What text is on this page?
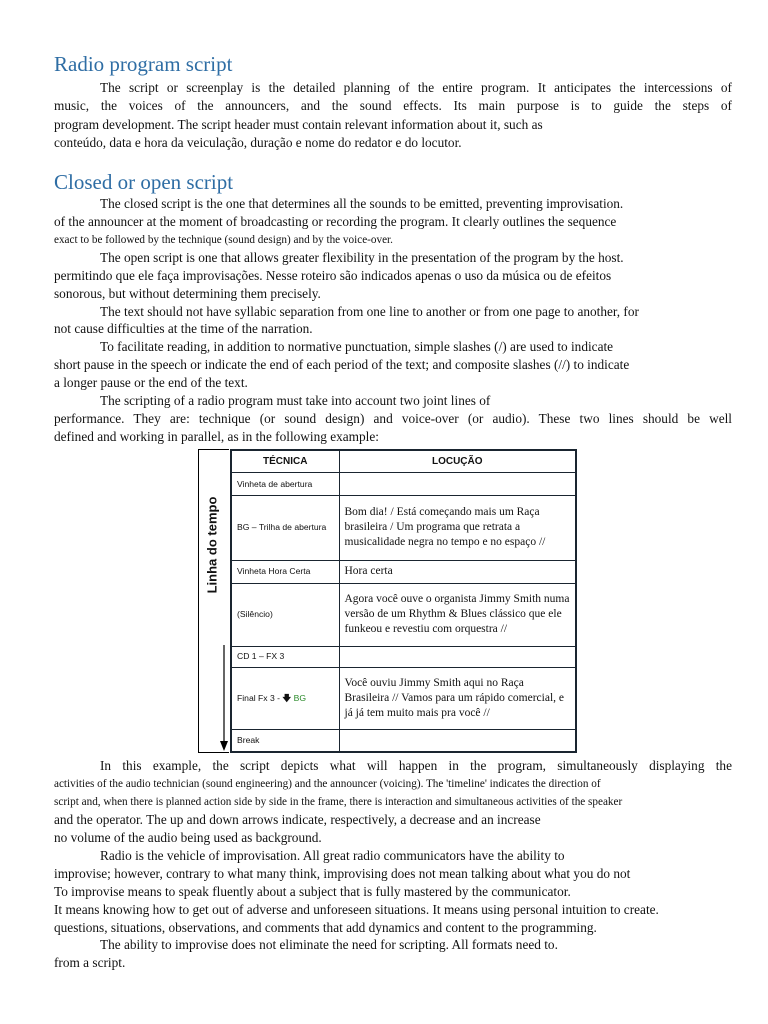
Radio program script
The script or screenplay is the detailed planning of the entire program. It anticipates the intercessions of
music, the voices of the announcers, and the sound effects. Its main purpose is to guide the steps of
program development. The script header must contain relevant information about it, such as
conteúdo, data e hora da veiculação, duração e nome do redator e do locutor.
Closed or open script
The closed script is the one that determines all the sounds to be emitted, preventing improvisation.
of the announcer at the moment of broadcasting or recording the program. It clearly outlines the sequence
exact to be followed by the technique (sound design) and by the voice-over.
The open script is one that allows greater flexibility in the presentation of the program by the host.
permitindo que ele faça improvisações. Nesse roteiro são indicados apenas o uso da música ou de efeitos
sonorous, but without determining them precisely.
The text should not have syllabic separation from one line to another or from one page to another, for
not cause difficulties at the time of the narration.
To facilitate reading, in addition to normative punctuation, simple slashes (/) are used to indicate
short pause in the speech or indicate the end of each period of the text; and composite slashes (//) to indicate
a longer pause or the end of the text.
The scripting of a radio program must take into account two joint lines of
performance. They are: technique (or sound design) and voice-over (or audio). These two lines should be well
defined and working in parallel, as in the following example:
Linha do tempo
TÉCNICA	LOCUÇÃO
Vinheta de abertura	
BG – Trilha de abertura	Bom dia! / Está começando mais um Raça brasileira / Um programa que retrata a musicalidade negra no tempo e no espaço //
Vinheta Hora Certa	Hora certa
(Silêncio)	Agora você ouve o organista Jimmy Smith numa versão de um Rhythm & Blues clássico que ele funkeou e revestiu com orquestra //
CD 1 – FX 3	
Final Fx 3 - 🡇 BG	Você ouviu Jimmy Smith aqui no Raça Brasileira // Vamos para um rápido comercial, e já já tem muito mais pra você //
Break	
In this example, the script depicts what will happen in the program, simultaneously displaying the
activities of the audio technician (sound engineering) and the announcer (voicing). The 'timeline' indicates the direction of
script and, when there is planned action side by side in the frame, there is interaction and simultaneous activities of the speaker
and the operator. The up and down arrows indicate, respectively, a decrease and an increase
no volume of the audio being used as background.
Radio is the vehicle of improvisation. All great radio communicators have the ability to
improvise; however, contrary to what many think, improvising does not mean talking about what you do not
To improvise means to speak fluently about a subject that is fully mastered by the communicator.
It means knowing how to get out of adverse and unforeseen situations. It means using personal intuition to create.
questions, situations, observations, and comments that add dynamics and content to the programming.
The ability to improvise does not eliminate the need for scripting. All formats need to.
from a script.
